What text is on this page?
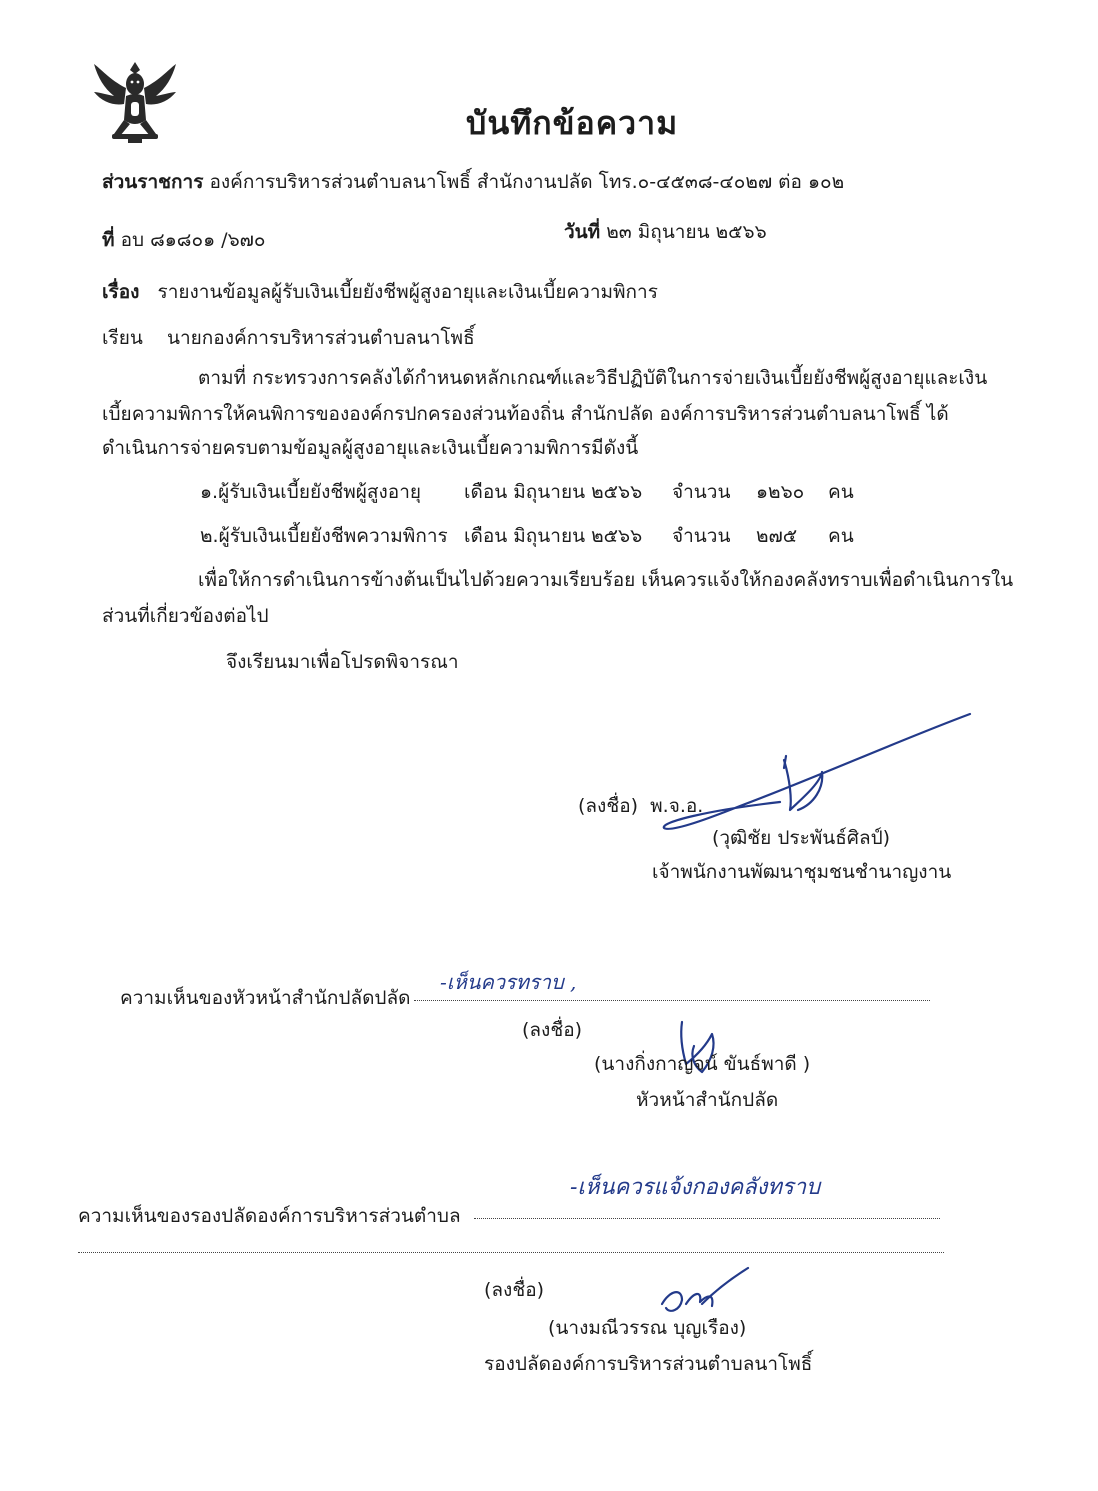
บันทึกข้อความ
ส่วนราชการ องค์การบริหารส่วนตำบลนาโพธิ์ สำนักงานปลัด โทร.๐-๔๕๓๘-๔๐๒๗ ต่อ ๑๐๒
ที่ อบ ๘๑๘๐๑ /๖๗๐	วันที่ ๒๓ มิถุนายน ๒๕๖๖
เรื่อง รายงานข้อมูลผู้รับเงินเบี้ยยังชีพผู้สูงอายุและเงินเบี้ยความพิการ
เรียน นายกองค์การบริหารส่วนตำบลนาโพธิ์
ตามที่ กระทรวงการคลังได้กำหนดหลักเกณฑ์และวิธีปฏิบัติในการจ่ายเงินเบี้ยยังชีพผู้สูงอายุและเงิน
เบี้ยความพิการให้คนพิการขององค์กรปกครองส่วนท้องถิ่น สำนักปลัด องค์การบริหารส่วนตำบลนาโพธิ์ ได้
ดำเนินการจ่ายครบตามข้อมูลผู้สูงอายุและเงินเบี้ยความพิการมีดังนี้
๑.ผู้รับเงินเบี้ยยังชีพผู้สูงอายุ เดือน มิถุนายน ๒๕๖๖ จำนวน ๑๒๖๐ คน
๒.ผู้รับเงินเบี้ยยังชีพความพิการ เดือน มิถุนายน ๒๕๖๖ จำนวน ๒๗๕ คน
เพื่อให้การดำเนินการข้างต้นเป็นไปด้วยความเรียบร้อย เห็นควรแจ้งให้กองคลังทราบเพื่อดำเนินการใน
ส่วนที่เกี่ยวข้องต่อไป
จึงเรียนมาเพื่อโปรดพิจารณา
(ลงชื่อ) พ.จ.อ.
(วุฒิชัย ประพันธ์ศิลป์)
เจ้าพนักงานพัฒนาชุมชนชำนาญงาน
ความเห็นของหัวหน้าสำนักปลัดปลัด
-เห็นควรทราบ ,
(ลงชื่อ)
(นางกิ่งกาญจน์ ขันธ์พาดี )
หัวหน้าสำนักปลัด
ความเห็นของรองปลัดองค์การบริหารส่วนตำบล
-เห็นควรแจ้งกองคลังทราบ
(ลงชื่อ)
(นางมณีวรรณ บุญเรือง)
รองปลัดองค์การบริหารส่วนตำบลนาโพธิ์
